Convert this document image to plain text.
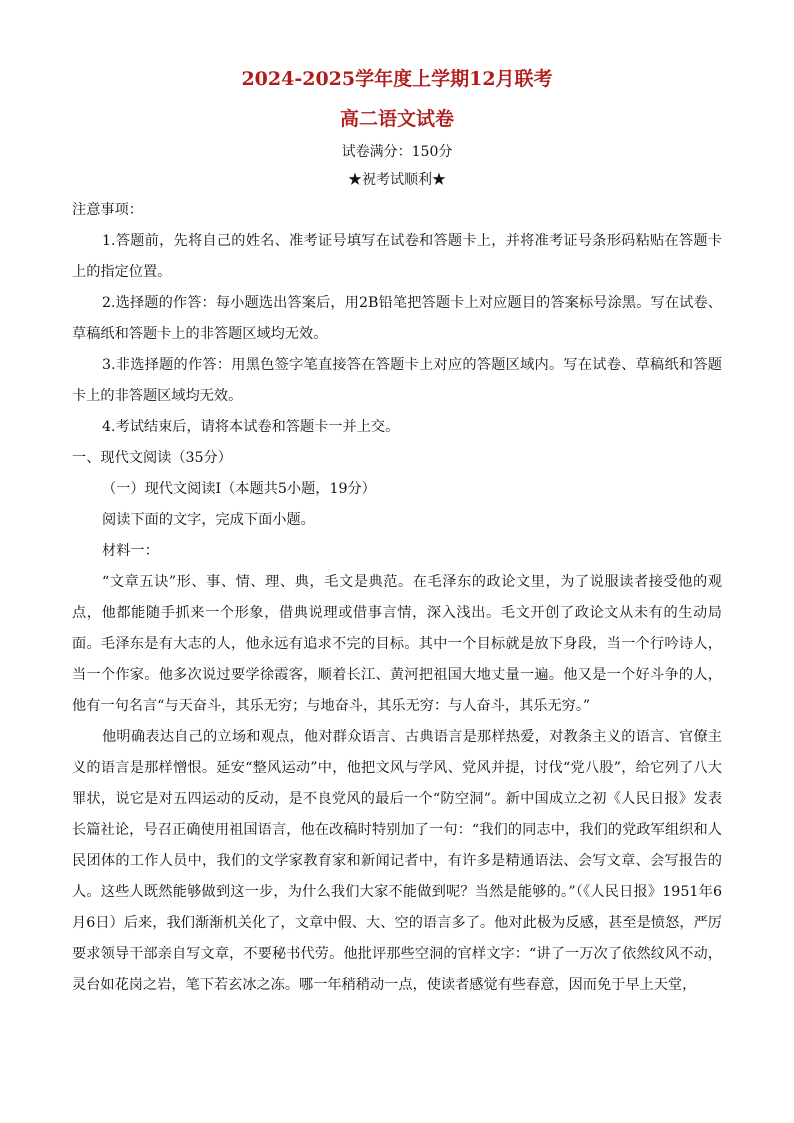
2024-2025学年度上学期12月联考
高二语文试卷
试卷满分：150分
★祝考试顺利★

注意事项：

1.答题前，先将自己的姓名、准考证号填写在试卷和答题卡上，并将准考证号条形码粘贴在答题卡上的指定位置。

2.选择题的作答：每小题选出答案后，用2B铅笔把答题卡上对应题目的答案标号涂黑。写在试卷、草稿纸和答题卡上的非答题区域均无效。

3.非选择题的作答：用黑色签字笔直接答在答题卡上对应的答题区域内。写在试卷、草稿纸和答题卡上的非答题区域均无效。

4.考试结束后，请将本试卷和答题卡一并上交。

一、现代文阅读（35分）

（一）现代文阅读Ⅰ（本题共5小题，19分）

阅读下面的文字，完成下面小题。

材料一：

“文章五诀”形、事、情、理、典，毛文是典范。在毛泽东的政论文里，为了说服读者接受他的观点，他都能随手抓来一个形象，借典说理或借事言情，深入浅出。毛文开创了政论文从未有的生动局面。毛泽东是有大志的人，他永远有追求不完的目标。其中一个目标就是放下身段，当一个行吟诗人，当一个作家。他多次说过要学徐霞客，顺着长江、黄河把祖国大地丈量一遍。他又是一个好斗争的人，他有一句名言“与天奋斗，其乐无穷；与地奋斗，其乐无穷：与人奋斗，其乐无穷。”

他明确表达自己的立场和观点，他对群众语言、古典语言是那样热爱，对教条主义的语言、官僚主义的语言是那样憎恨。延安“整风运动”中，他把文风与学风、党风并提，讨伐“党八股”，给它列了八大罪状，说它是对五四运动的反动，是不良党风的最后一个“防空洞”。新中国成立之初《人民日报》发表长篇社论，号召正确使用祖国语言，他在改稿时特别加了一句：“我们的同志中，我们的党政军组织和人民团体的工作人员中，我们的文学家教育家和新闻记者中，有许多是精通语法、会写文章、会写报告的人。这些人既然能够做到这一步，为什么我们大家不能做到呢？当然是能够的。”（《人民日报》1951年6月6日）后来，我们渐渐机关化了，文章中假、大、空的语言多了。他对此极为反感，甚至是愤怒，严厉要求领导干部亲自写文章，不要秘书代劳。他批评那些空洞的官样文字：“讲了一万次了依然纹风不动，灵台如花岗之岩，笔下若玄冰之冻。哪一年稍稍动一点，使读者感觉有些春意，因而免于早上天堂，
